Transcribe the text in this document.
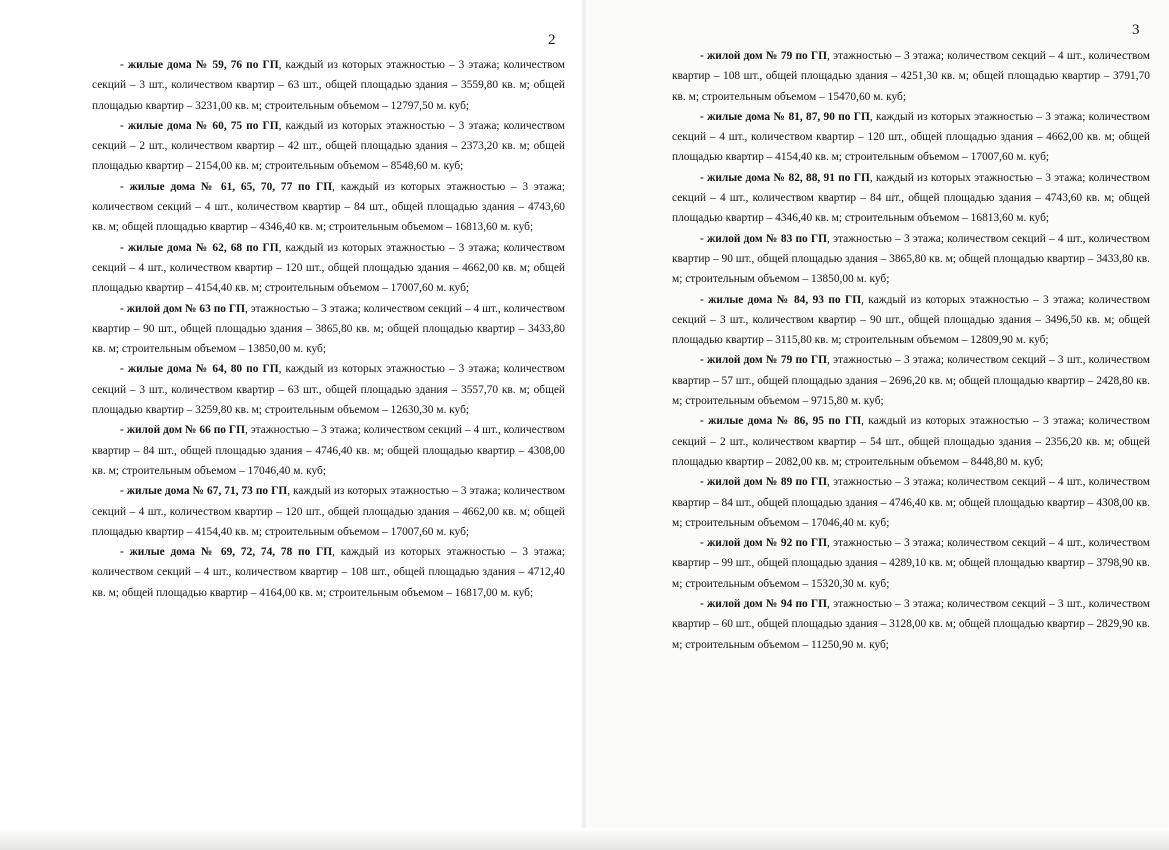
2

- жилые дома № 59, 76 по ГП, каждый из которых этажностью – 3 этажа; количеством секций – 3 шт., количеством квартир – 63 шт., общей площадью здания – 3559,80 кв. м; общей площадью квартир – 3231,00 кв. м; строительным объемом – 12797,50 м. куб;

- жилые дома № 60, 75 по ГП, каждый из которых этажностью – 3 этажа; количеством секций – 2 шт., количеством квартир – 42 шт., общей площадью здания – 2373,20 кв. м; общей площадью квартир – 2154,00 кв. м; строительным объемом – 8548,60 м. куб;

- жилые дома № 61, 65, 70, 77 по ГП, каждый из которых этажностью – 3 этажа; количеством секций – 4 шт., количеством квартир – 84 шт., общей площадью здания – 4743,60 кв. м; общей площадью квартир – 4346,40 кв. м; строительным объемом – 16813,60 м. куб;

- жилые дома № 62, 68 по ГП, каждый из которых этажностью – 3 этажа; количеством секций – 4 шт., количеством квартир – 120 шт., общей площадью здания – 4662,00 кв. м; общей площадью квартир – 4154,40 кв. м; строительным объемом – 17007,60 м. куб;

- жилой дом № 63 по ГП, этажностью – 3 этажа; количеством секций – 4 шт., количеством квартир – 90 шт., общей площадью здания – 3865,80 кв. м; общей площадью квартир – 3433,80 кв. м; строительным объемом – 13850,00 м. куб;

- жилые дома № 64, 80 по ГП, каждый из которых этажностью – 3 этажа; количеством секций – 3 шт., количеством квартир – 63 шт., общей площадью здания – 3557,70 кв. м; общей площадью квартир – 3259,80 кв. м; строительным объемом – 12630,30 м. куб;

- жилой дом № 66 по ГП, этажностью – 3 этажа; количеством секций – 4 шт., количеством квартир – 84 шт., общей площадью здания – 4746,40 кв. м; общей площадью квартир – 4308,00 кв. м; строительным объемом – 17046,40 м. куб;

- жилые дома № 67, 71, 73 по ГП, каждый из которых этажностью – 3 этажа; количеством секций – 4 шт., количеством квартир – 120 шт., общей площадью здания – 4662,00 кв. м; общей площадью квартир – 4154,40 кв. м; строительным объемом – 17007,60 м. куб;

- жилые дома № 69, 72, 74, 78 по ГП, каждый из которых этажностью – 3 этажа; количеством секций – 4 шт., количеством квартир – 108 шт., общей площадью здания – 4712,40 кв. м; общей площадью квартир – 4164,00 кв. м; строительным объемом – 16817,00 м. куб;

3

- жилой дом № 79 по ГП, этажностью – 3 этажа; количеством секций – 4 шт., количеством квартир – 108 шт., общей площадью здания – 4251,30 кв. м; общей площадью квартир – 3791,70 кв. м; строительным объемом – 15470,60 м. куб;

- жилые дома № 81, 87, 90 по ГП, каждый из которых этажностью – 3 этажа; количеством секций – 4 шт., количеством квартир – 120 шт., общей площадью здания – 4662,00 кв. м; общей площадью квартир – 4154,40 кв. м; строительным объемом – 17007,60 м. куб;

- жилые дома № 82, 88, 91 по ГП, каждый из которых этажностью – 3 этажа; количеством секций – 4 шт., количеством квартир – 84 шт., общей площадью здания – 4743,60 кв. м; общей площадью квартир – 4346,40 кв. м; строительным объемом – 16813,60 м. куб;

- жилой дом № 83 по ГП, этажностью – 3 этажа; количеством секций – 4 шт., количеством квартир – 90 шт., общей площадью здания – 3865,80 кв. м; общей площадью квартир – 3433,80 кв. м; строительным объемом – 13850,00 м. куб;

- жилые дома № 84, 93 по ГП, каждый из которых этажностью – 3 этажа; количеством секций – 3 шт., количеством квартир – 90 шт., общей площадью здания – 3496,50 кв. м; общей площадью квартир – 3115,80 кв. м; строительным объемом – 12809,90 м. куб;

- жилой дом № 79 по ГП, этажностью – 3 этажа; количеством секций – 3 шт., количеством квартир – 57 шт., общей площадью здания – 2696,20 кв. м; общей площадью квартир – 2428,80 кв. м; строительным объемом – 9715,80 м. куб;

- жилые дома № 86, 95 по ГП, каждый из которых этажностью – 3 этажа; количеством секций – 2 шт., количеством квартир – 54 шт., общей площадью здания – 2356,20 кв. м; общей площадью квартир – 2082,00 кв. м; строительным объемом – 8448,80 м. куб;

- жилой дом № 89 по ГП, этажностью – 3 этажа; количеством секций – 4 шт., количеством квартир – 84 шт., общей площадью здания – 4746,40 кв. м; общей площадью квартир – 4308,00 кв. м; строительным объемом – 17046,40 м. куб;

- жилой дом № 92 по ГП, этажностью – 3 этажа; количеством секций – 4 шт., количеством квартир – 99 шт., общей площадью здания – 4289,10 кв. м; общей площадью квартир – 3798,90 кв. м; строительным объемом – 15320,30 м. куб;

- жилой дом № 94 по ГП, этажностью – 3 этажа; количеством секций – 3 шт., количеством квартир – 60 шт., общей площадью здания – 3128,00 кв. м; общей площадью квартир – 2829,90 кв. м; строительным объемом – 11250,90 м. куб;
